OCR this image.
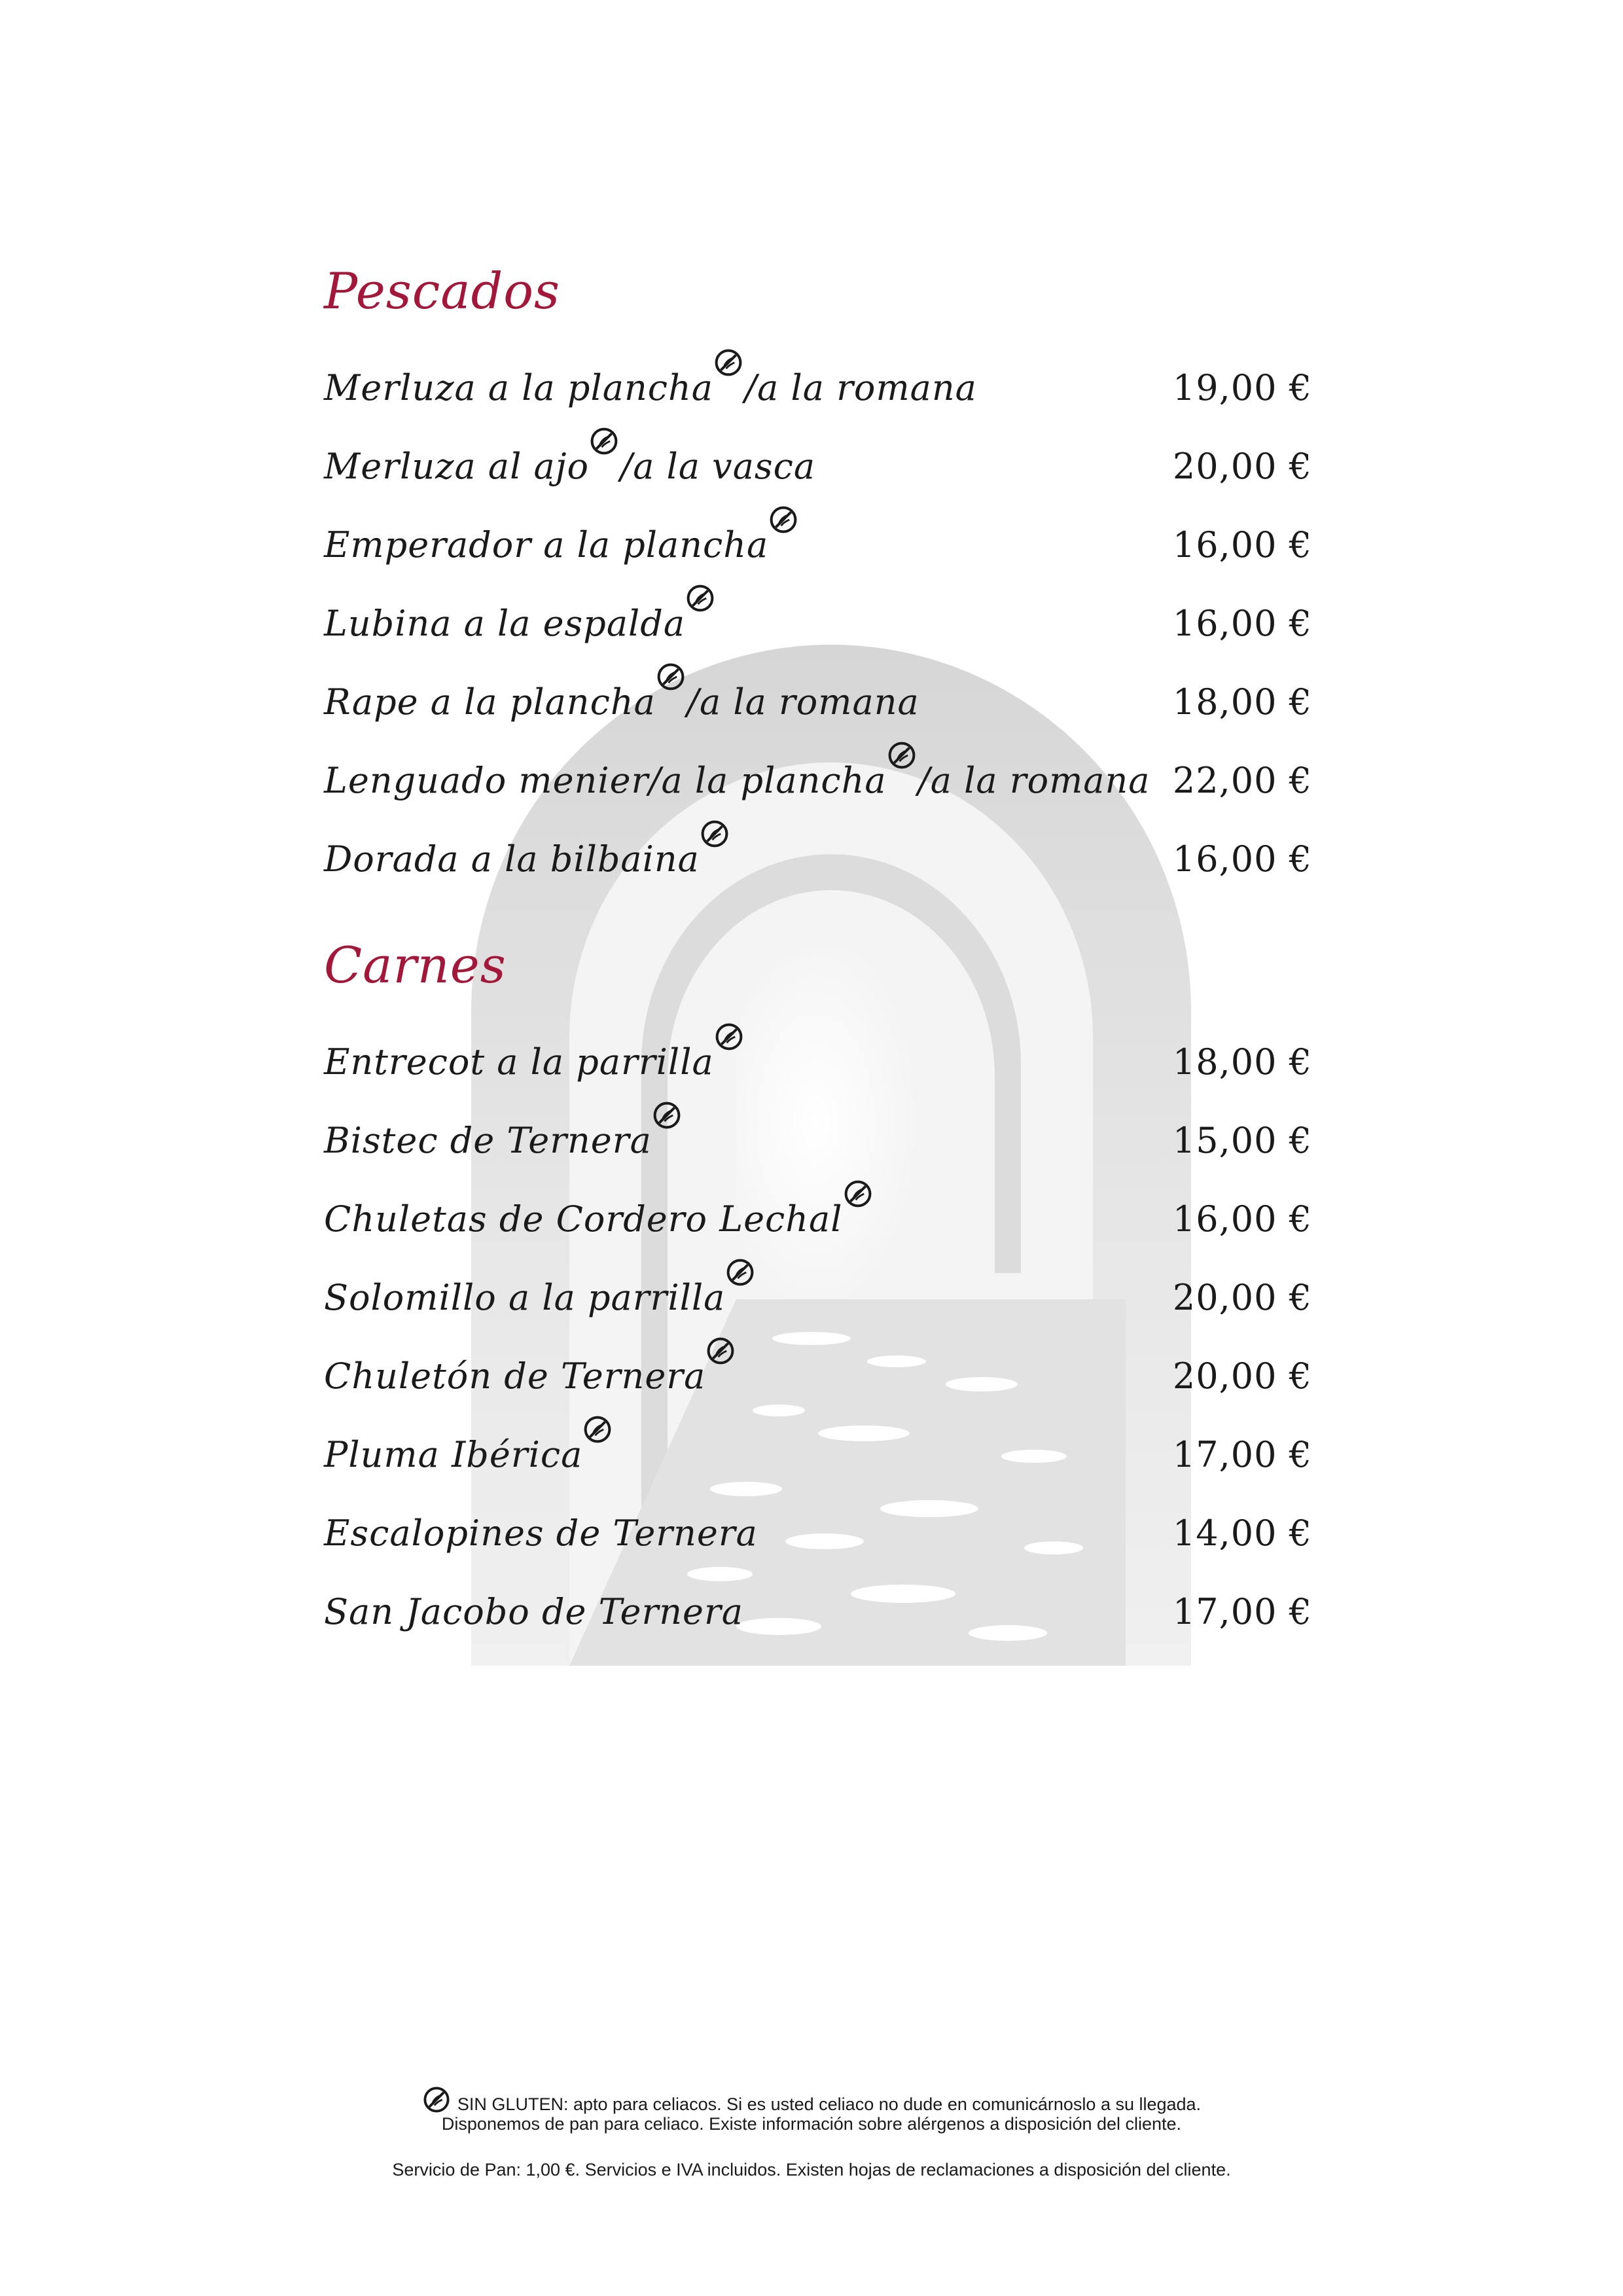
Pescados
Merluza a la plancha /a la romana	19,00 €
Merluza al ajo /a la vasca	20,00 €
Emperador a la plancha	16,00 €
Lubina a la espalda	16,00 €
Rape a la plancha /a la romana	18,00 €
Lenguado menier/a la plancha /a la romana 22,00 €
Dorada a la bilbaina	16,00 €
Carnes
Entrecot a la parrilla	18,00 €
Bistec de Ternera	15,00 €
Chuletas de Cordero Lechal	16,00 €
Solomillo a la parrilla	20,00 €
Chuletón de Ternera	20,00 €
Pluma Ibérica	17,00 €
Escalopines de Ternera	14,00 €
San Jacobo de Ternera	17,00 €
SIN GLUTEN: apto para celiacos. Si es usted celiaco no dude en comunicárnoslo a su llegada.
Disponemos de pan para celiaco. Existe información sobre alérgenos a disposición del cliente.
Servicio de Pan: 1,00 €. Servicios e IVA incluidos. Existen hojas de reclamaciones a disposición del cliente.
